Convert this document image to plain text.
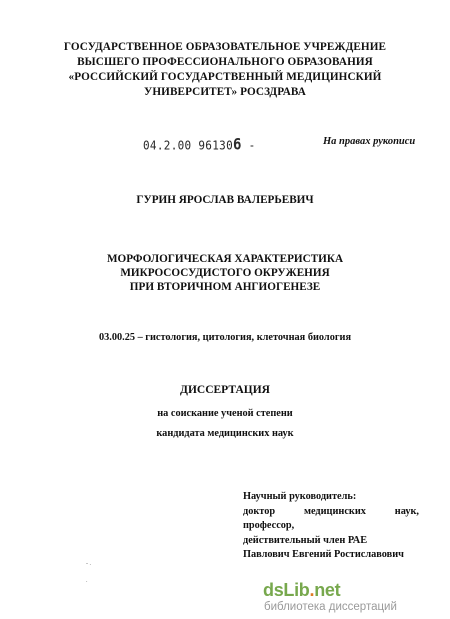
ГОСУДАРСТВЕННОЕ ОБРАЗОВАТЕЛЬНОЕ УЧРЕЖДЕНИЕ
ВЫСШЕГО ПРОФЕССИОНАЛЬНОГО ОБРАЗОВАНИЯ
«РОССИЙСКИЙ ГОСУДАРСТВЕННЫЙ МЕДИЦИНСКИЙ
УНИВЕРСИТЕТ» РОСЗДРАВА
04.2.00 961306 -	На правах рукописи
ГУРИН ЯРОСЛАВ ВАЛЕРЬЕВИЧ
МОРФОЛОГИЧЕСКАЯ ХАРАКТЕРИСТИКА
МИКРОСОСУДИСТОГО ОКРУЖЕНИЯ
ПРИ ВТОРИЧНОМ АНГИОГЕНЕЗЕ
03.00.25 – гистология, цитология, клеточная биология
ДИССЕРТАЦИЯ
на соискание ученой степени
кандидата медицинских наук
Научный руководитель:
доктор	медицинских	наук,
профессор,
действительный член РАЕ
Павлович Евгений Ростиславович
- .
.	dsLib.net
библиотека диссертаций
